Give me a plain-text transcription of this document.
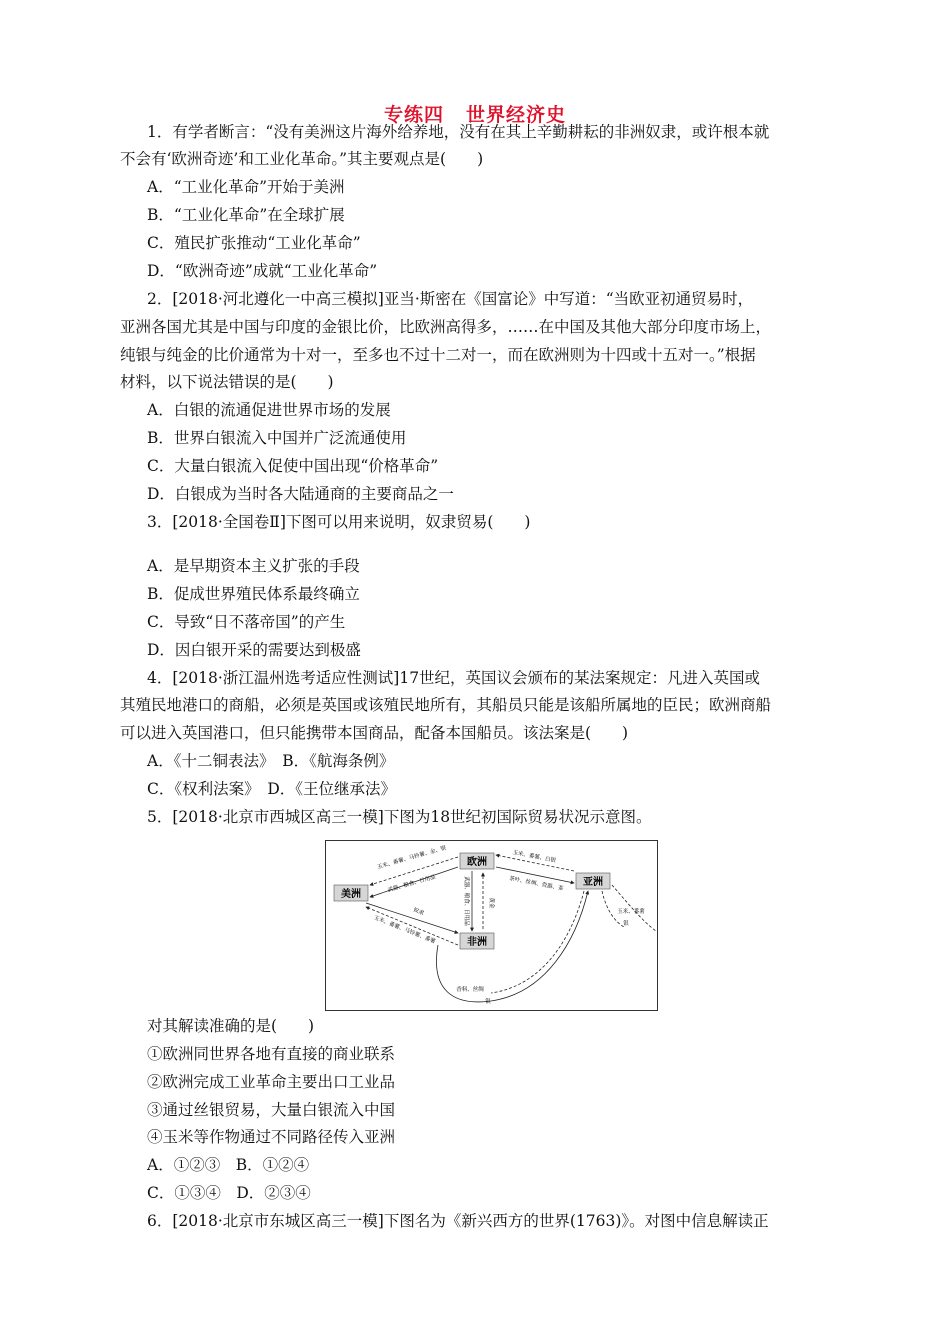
专练四 世界经济史
1．有学者断言：“没有美洲这片海外给养地，没有在其上辛勤耕耘的非洲奴隶，或许根本就
不会有‘欧洲奇迹’和工业化革命。”其主要观点是(　　)
A．“工业化革命”开始于美洲
B．“工业化革命”在全球扩展
C．殖民扩张推动“工业化革命”
D．“欧洲奇迹”成就“工业化革命”
2．[2018·河北遵化一中高三模拟]亚当·斯密在《国富论》中写道：“当欧亚初通贸易时，
亚洲各国尤其是中国与印度的金银比价，比欧洲高得多，……在中国及其他大部分印度市场上，
纯银与纯金的比价通常为十对一，至多也不过十二对一，而在欧洲则为十四或十五对一。”根据
材料，以下说法错误的是(　　)
A．白银的流通促进世界市场的发展
B．世界白银流入中国并广泛流通使用
C．大量白银流入促使中国出现“价格革命”
D．白银成为当时各大陆通商的主要商品之一
3．[2018·全国卷Ⅱ]下图可以用来说明，奴隶贸易(　　)
A．是早期资本主义扩张的手段
B．促成世界殖民体系最终确立
C．导致“日不落帝国”的产生
D．因白银开采的需要达到极盛
4．[2018·浙江温州选考适应性测试]17世纪，英国议会颁布的某法案规定：凡进入英国或
其殖民地港口的商船，必须是英国或该殖民地所有，其船员只能是该船所属地的臣民；欧洲商船
可以进入英国港口，但只能携带本国商品，配备本国船员。该法案是(　　)
A．《十二铜表法》　B．《航海条例》
C．《权利法案》　D．《王位继承法》
5．[2018·北京市西城区高三一模]下图为18世纪初国际贸易状况示意图。
欧洲
美洲
亚洲
非洲
玉米、番薯、马铃薯、金、银
武器、粮食、日用品
玉米、番薯、白银
茶叶、丝绸、瓷器、茶
武器、粮食、日用品	黄金
奴隶
玉米、番薯、马铃薯、番薯
玉米、番薯
银
香料、丝绸
银
对其解读准确的是(　　)
①欧洲同世界各地有直接的商业联系
②欧洲完成工业革命主要出口工业品
③通过丝银贸易，大量白银流入中国
④玉米等作物通过不同路径传入亚洲
A．①②③　B．①②④
C．①③④　D．②③④
6．[2018·北京市东城区高三一模]下图名为《新兴西方的世界(1763)》。对图中信息解读正
